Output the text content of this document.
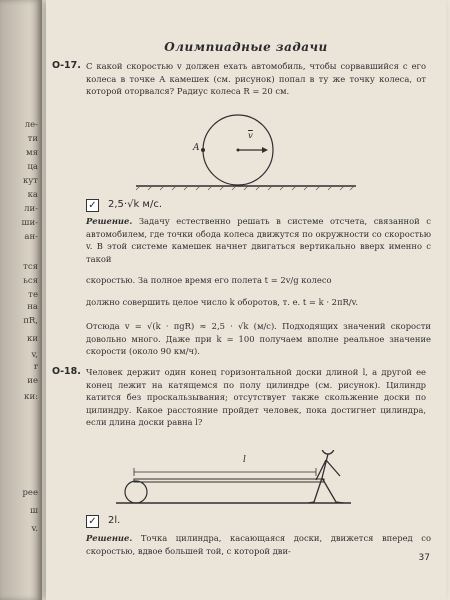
ле-
ти
мя
ца
кут
ка
ли-
ши-
ан-
тся
ься
те
на
πR,
ки
v,
r
ие
ки:
рее
ш
v.
Олимпиадные задачи
О-17. С какой скоростью v должен ехать автомобиль, чтобы сорвавшийся с его колеса в точке A камешек (см. рисунок) попал в ту же точку колеса, от которой оторвался? Радиус колеса R = 20 см.
A
$\overline{v}$
✓ 2,5·√k м/с.
Решение. Задачу естественно решать в системе отсчета, связанной с автомобилем, где точки обода колеса движутся по окружности со скоростью v. В этой системе камешек начнет двигаться вертикально вверх именно с такой
скоростью. За полное время его полета t = 2v/g колесо
должно совершить целое число k оборотов, т. е. t = k · 2πR/v.
Отсюда v = √(k · πgR) ≈ 2,5 · √k (м/с). Подходящих значений скорости довольно много. Даже при k = 100 получаем вполне реальное значение скорости (около 90 км/ч).
О-18. Человек держит один конец горизонтальной доски длиной l, а другой ее конец лежит на катящемся по полу цилиндре (см. рисунок). Цилиндр катится без проскальзывания; отсутствует также скольжение доски по цилиндру. Какое расстояние пройдет человек, пока достигнет цилиндра, если длина доски равна l?
l
✓ 2l.
Решение. Точка цилиндра, касающаяся доски, движется вперед со скоростью, вдвое большей той, с которой дви-
37
